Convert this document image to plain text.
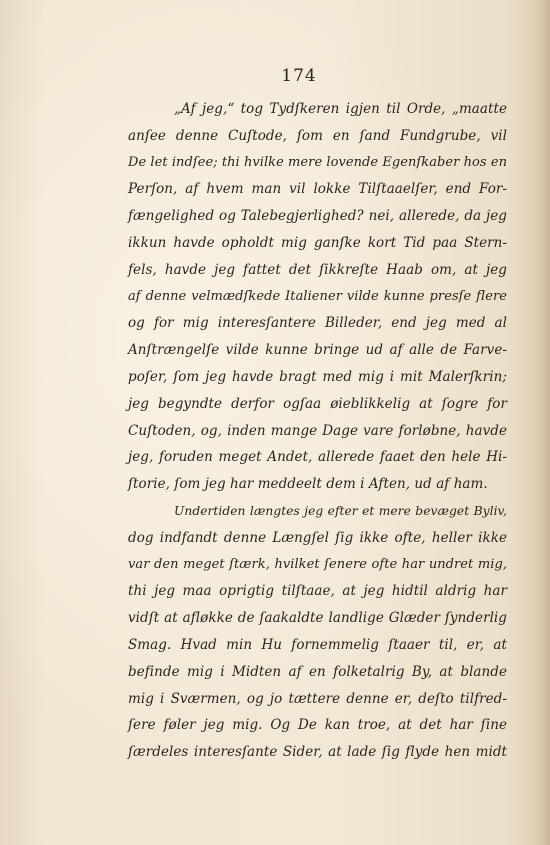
174
„Af jeg,“ tog Tydſkeren igjen til Orde, „maatte
anſee denne Cuſtode, ſom en ſand Fundgrube, vil
De let indſee; thi hvilke mere lovende Egenſkaber hos en
Perſon, af hvem man vil lokke Tilſtaaelſer, end For-
fængelighed og Talebegjerlighed? nei, allerede, da jeg
ikkun havde opholdt mig ganſke kort Tid paa Stern-
fels, havde jeg fattet det ſikkreſte Haab om, at jeg
af denne velmædſkede Italiener vilde kunne presſe flere
og for mig interesſantere Billeder, end jeg med al
Anſtrængelſe vilde kunne bringe ud af alle de Farve-
poſer, ſom jeg havde bragt med mig i mit Malerſkrin;
jeg begyndte derfor ogſaa øieblikkelig at ſogre for
Cuſtoden, og, inden mange Dage vare forløbne, havde
jeg, foruden meget Andet, allerede faaet den hele Hi-
ſtorie, ſom jeg har meddeelt dem i Aften, ud af ham.
Undertiden længtes jeg efter et mere bevæget Byliv,
dog indfandt denne Længſel ſig ikke ofte, heller ikke
var den meget ſtærk, hvilket ſenere ofte har undret mig,
thi jeg maa oprigtig tilſtaae, at jeg hidtil aldrig har
vidſt at afløkke de ſaakaldte landlige Glæder ſynderlig
Smag. Hvad min Hu fornemmelig ſtaaer til, er, at
befinde mig i Midten af en folketalrig By, at blande
mig i Sværmen, og jo tættere denne er, deſto tilfred-
ſere føler jeg mig. Og De kan troe, at det har ſine
ſærdeles interesſante Sider, at lade ſig flyde hen midt
